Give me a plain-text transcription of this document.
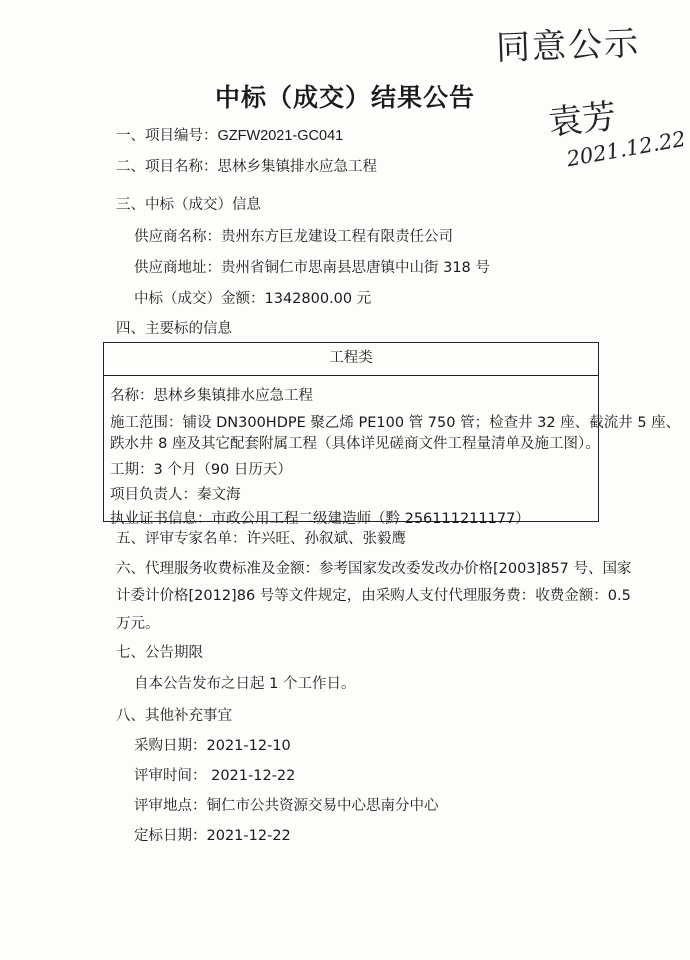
同意公示
袁芳
2021.12.22
中标（成交）结果公告
一、项目编号：GZFW2021-GC041
二、项目名称：思林乡集镇排水应急工程
三、中标（成交）信息
供应商名称：贵州东方巨龙建设工程有限责任公司
供应商地址：贵州省铜仁市思南县思唐镇中山街 318 号
中标（成交）金额：1342800.00 元
四、主要标的信息
工程类
名称：思林乡集镇排水应急工程
施工范围：铺设 DN300HDPE 聚乙烯 PE100 管 750 管；检查井 32 座、截流井 5 座、
跌水井 8 座及其它配套附属工程（具体详见磋商文件工程量清单及施工图）。
工期：3 个月（90 日历天）
项目负责人：秦文海
执业证书信息：市政公用工程二级建造师（黔 256111211177）
五、评审专家名单：许兴旺、孙叙斌、张毅鹰
六、代理服务收费标准及金额：参考国家发改委发改办价格[2003]857 号、国家
计委计价格[2012]86 号等文件规定，由采购人支付代理服务费：收费金额：0.5
万元。
七、公告期限
自本公告发布之日起 1 个工作日。
八、其他补充事宜
采购日期：2021-12-10
评审时间： 2021-12-22
评审地点：铜仁市公共资源交易中心思南分中心
定标日期：2021-12-22
